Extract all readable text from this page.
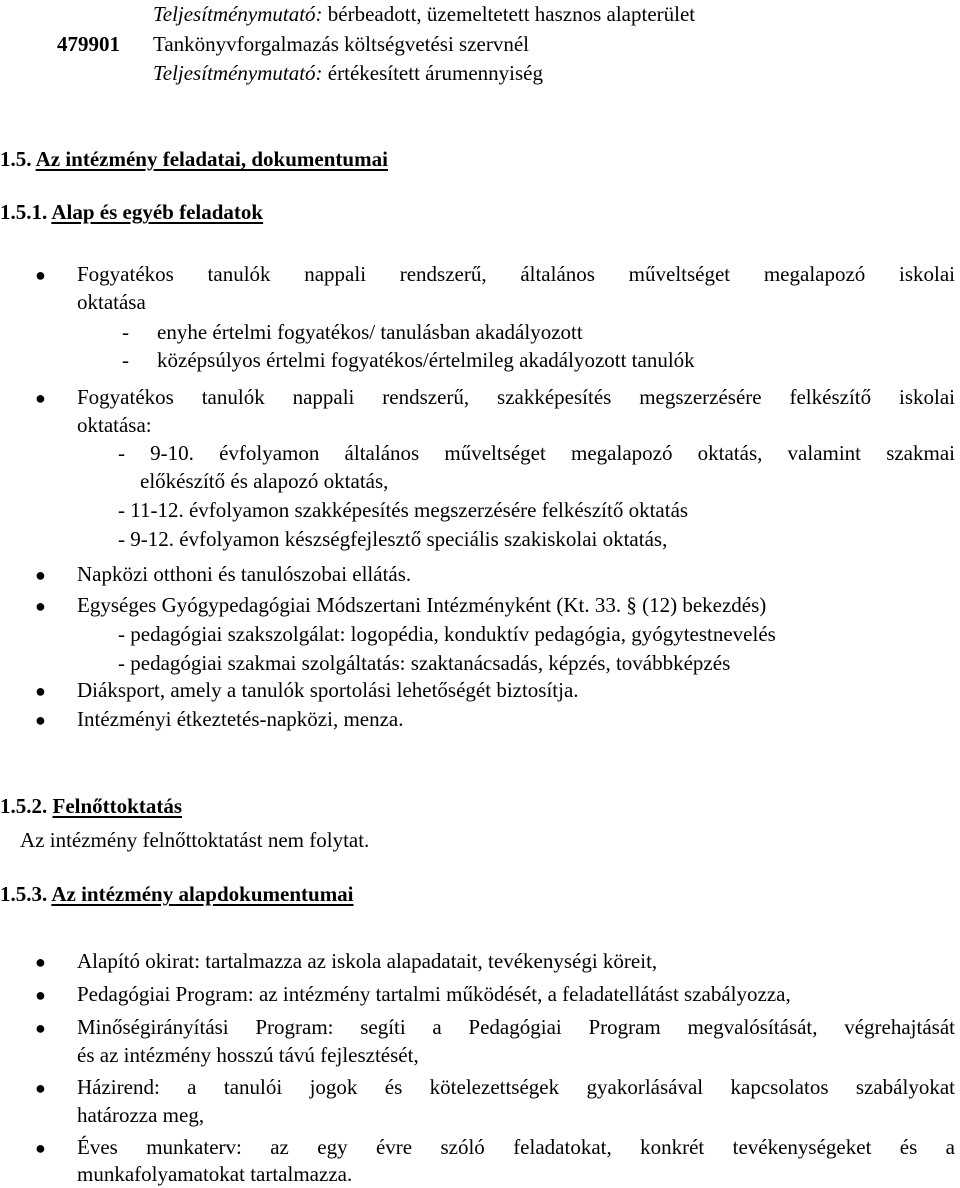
Teljesítménymutató: bérbeadott, üzemeltetett hasznos alapterület
479901 Tankönyvforgalmazás költségvetési szervnél
Teljesítménymutató: értékesített árumennyiség
1.5. Az intézmény feladatai, dokumentumai
1.5.1. Alap és egyéb feladatok
● Fogyatékos tanulók nappali rendszerű, általános műveltséget megalapozó iskolai
oktatása
- enyhe értelmi fogyatékos/ tanulásban akadályozott
- középsúlyos értelmi fogyatékos/értelmileg akadályozott tanulók
● Fogyatékos tanulók nappali rendszerű, szakképesítés megszerzésére felkészítő iskolai
oktatása:
- 9-10. évfolyamon általános műveltséget megalapozó oktatás, valamint szakmai
előkészítő és alapozó oktatás,
- 11-12. évfolyamon szakképesítés megszerzésére felkészítő oktatás
- 9-12. évfolyamon készségfejlesztő speciális szakiskolai oktatás,
● Napközi otthoni és tanulószobai ellátás.
● Egységes Gyógypedagógiai Módszertani Intézményként (Kt. 33. § (12) bekezdés)
- pedagógiai szakszolgálat: logopédia, konduktív pedagógia, gyógytestnevelés
- pedagógiai szakmai szolgáltatás: szaktanácsadás, képzés, továbbképzés
● Diáksport, amely a tanulók sportolási lehetőségét biztosítja.
● Intézményi étkeztetés-napközi, menza.
1.5.2. Felnőttoktatás
Az intézmény felnőttoktatást nem folytat.
1.5.3. Az intézmény alapdokumentumai
● Alapító okirat: tartalmazza az iskola alapadatait, tevékenységi köreit,
● Pedagógiai Program: az intézmény tartalmi működését, a feladatellátást szabályozza,
● Minőségirányítási Program: segíti a Pedagógiai Program megvalósítását, végrehajtását
és az intézmény hosszú távú fejlesztését,
● Házirend: a tanulói jogok és kötelezettségek gyakorlásával kapcsolatos szabályokat
határozza meg,
● Éves munkaterv: az egy évre szóló feladatokat, konkrét tevékenységeket és a
munkafolyamatokat tartalmazza.
